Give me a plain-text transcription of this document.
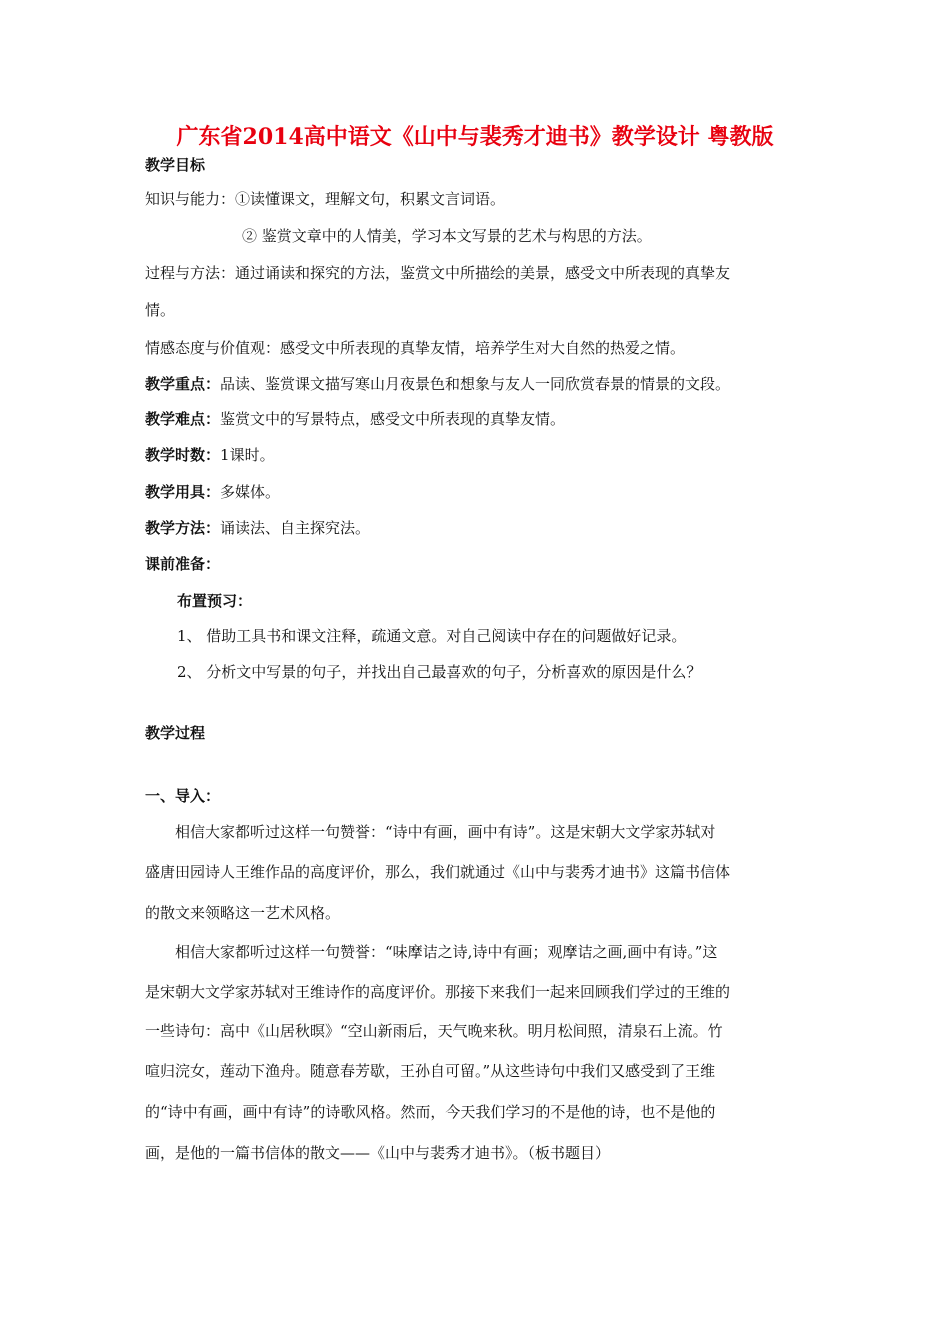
广东省2014高中语文《山中与裴秀才迪书》教学设计 粤教版
教学目标
知识与能力：①读懂课文，理解文句，积累文言词语。
② 鉴赏文章中的人情美，学习本文写景的艺术与构思的方法。
过程与方法：通过诵读和探究的方法，鉴赏文中所描绘的美景，感受文中所表现的真挚友
情。
情感态度与价值观：感受文中所表现的真挚友情，培养学生对大自然的热爱之情。
教学重点：品读、鉴赏课文描写寒山月夜景色和想象与友人一同欣赏春景的情景的文段。
教学难点：鉴赏文中的写景特点，感受文中所表现的真挚友情。
教学时数：1课时。
教学用具：多媒体。
教学方法：诵读法、自主探究法。
课前准备：
布置预习：
1、 借助工具书和课文注释，疏通文意。对自己阅读中存在的问题做好记录。
2、 分析文中写景的句子，并找出自己最喜欢的句子，分析喜欢的原因是什么？
教学过程
一、导入：
　　相信大家都听过这样一句赞誉：“诗中有画，画中有诗”。这是宋朝大文学家苏轼对
盛唐田园诗人王维作品的高度评价，那么，我们就通过《山中与裴秀才迪书》这篇书信体
的散文来领略这一艺术风格。
　　相信大家都听过这样一句赞誉：“味摩诘之诗,诗中有画；观摩诘之画,画中有诗。”这
是宋朝大文学家苏轼对王维诗作的高度评价。那接下来我们一起来回顾我们学过的王维的
一些诗句：高中《山居秋暝》“空山新雨后，天气晚来秋。明月松间照，清泉石上流。竹
喧归浣女，莲动下渔舟。随意春芳歇，王孙自可留。”从这些诗句中我们又感受到了王维
的“诗中有画，画中有诗”的诗歌风格。然而，今天我们学习的不是他的诗，也不是他的
画，是他的一篇书信体的散文——《山中与裴秀才迪书》。（板书题目）
